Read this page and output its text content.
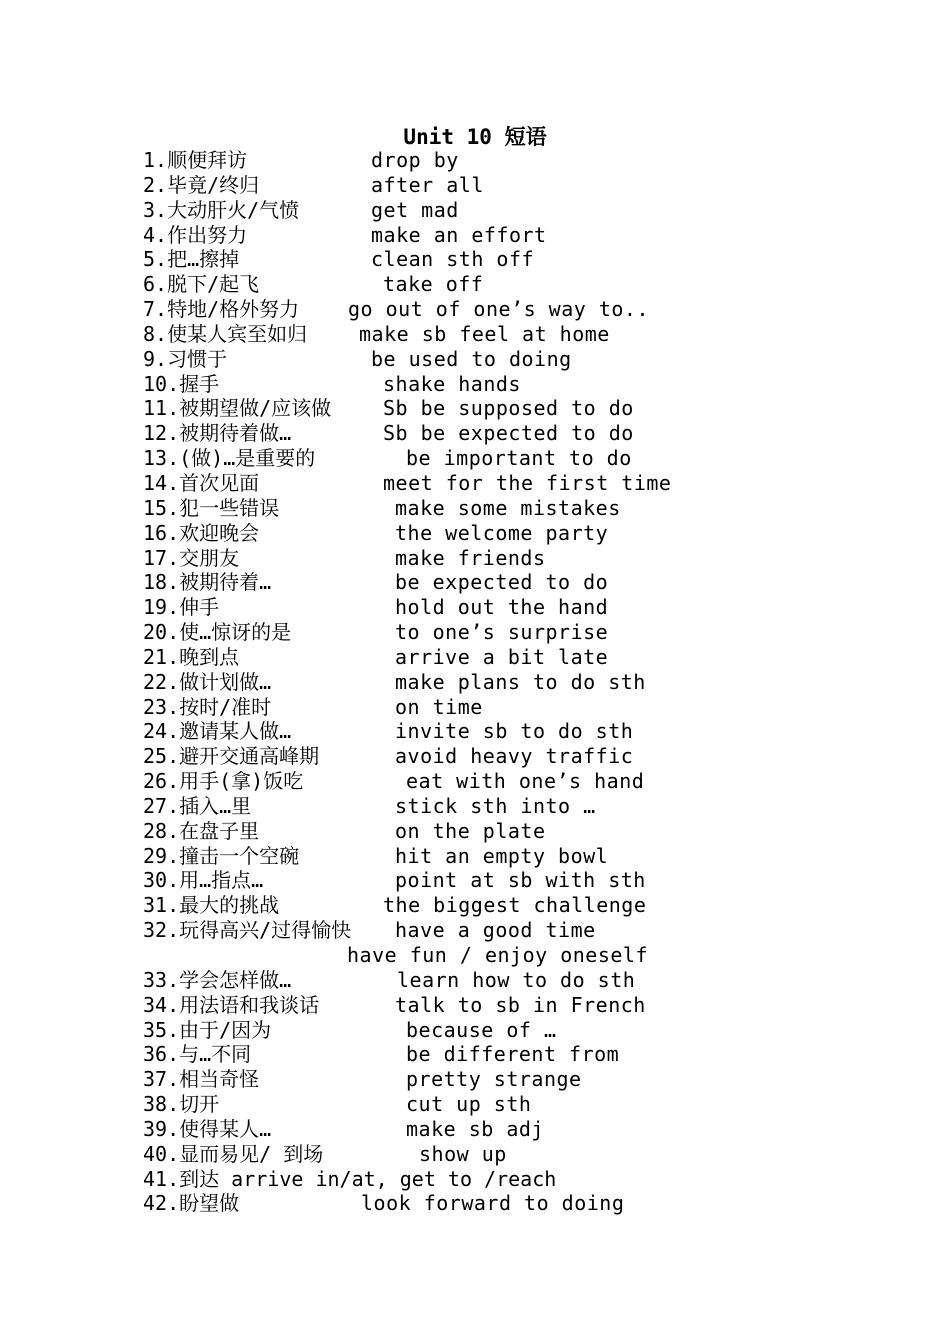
Unit 10 短语
1.顺便拜访	drop by
2.毕竟/终归	after all
3.大动肝火/气愤	get mad
4.作出努力	make an effort
5.把…擦掉	clean sth off
6.脱下/起飞	take off
7.特地/格外努力 go out of one’s way to..
8.使某人宾至如归	make sb feel at home
9.习惯于	be used to doing
10.握手	shake hands
11.被期望做/应该做	Sb be supposed to do
12.被期待着做…	Sb be expected to do
13.(做)…是重要的	be important to do
14.首次见面	meet for the first time
15.犯一些错误	make some mistakes
16.欢迎晚会	the welcome party
17.交朋友	make friends
18.被期待着…	be expected to do
19.伸手	hold out the hand
20.使…惊讶的是	to one’s surprise
21.晚到点	arrive a bit late
22.做计划做…	make plans to do sth
23.按时/准时	on time
24.邀请某人做…	invite sb to do sth
25.避开交通高峰期	avoid heavy traffic
26.用手(拿)饭吃	eat with one’s hand
27.插入…里	stick sth into …
28.在盘子里	on the plate
29.撞击一个空碗	hit an empty bowl
30.用…指点…	point at sb with sth
31.最大的挑战	the biggest challenge
32.玩得高兴/过得愉快 have a good time
have fun / enjoy oneself
33.学会怎样做…	learn how to do sth
34.用法语和我谈话	talk to sb in French
35.由于/因为	because of …
36.与…不同	be different from
37.相当奇怪	pretty strange
38.切开	cut up sth
39.使得某人…	make sb adj
40.显而易见/ 到场	show up
41.到达 arrive in/at, get to /reach
42.盼望做	look forward to doing
